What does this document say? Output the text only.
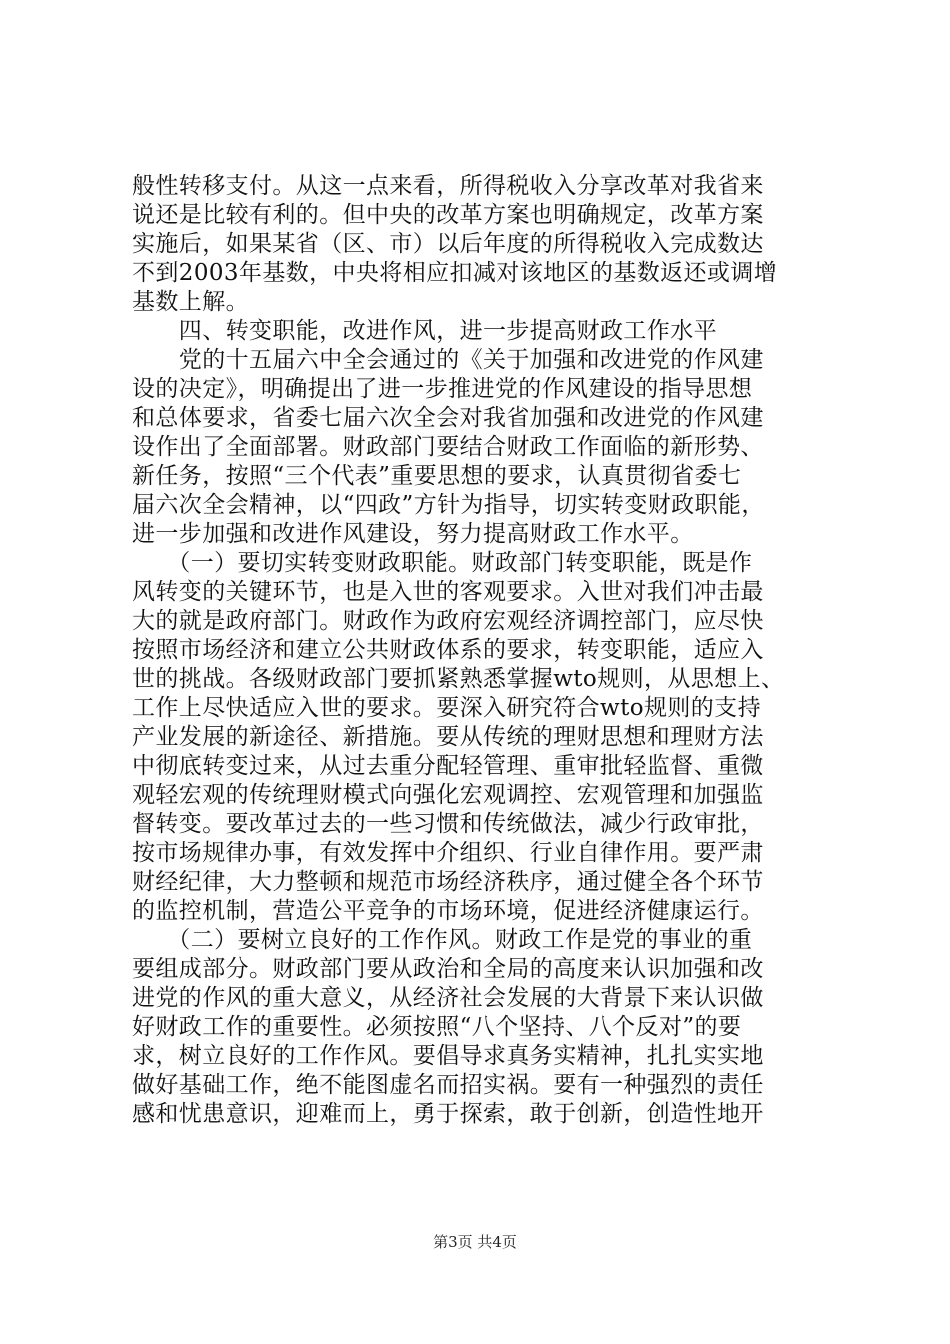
般性转移支付。从这一点来看，所得税收入分享改革对我省来
说还是比较有利的。但中央的改革方案也明确规定，改革方案
实施后，如果某省（区、市）以后年度的所得税收入完成数达
不到2003年基数，中央将相应扣减对该地区的基数返还或调增
基数上解。
　　四、转变职能，改进作风，进一步提高财政工作水平
　　党的十五届六中全会通过的《关于加强和改进党的作风建
设的决定》，明确提出了进一步推进党的作风建设的指导思想
和总体要求，省委七届六次全会对我省加强和改进党的作风建
设作出了全面部署。财政部门要结合财政工作面临的新形势、
新任务，按照“三个代表”重要思想的要求，认真贯彻省委七
届六次全会精神，以“四政”方针为指导，切实转变财政职能，
进一步加强和改进作风建设，努力提高财政工作水平。
　　（一）要切实转变财政职能。财政部门转变职能，既是作
风转变的关键环节，也是入世的客观要求。入世对我们冲击最
大的就是政府部门。财政作为政府宏观经济调控部门，应尽快
按照市场经济和建立公共财政体系的要求，转变职能，适应入
世的挑战。各级财政部门要抓紧熟悉掌握wto规则，从思想上、
工作上尽快适应入世的要求。要深入研究符合wto规则的支持
产业发展的新途径、新措施。要从传统的理财思想和理财方法
中彻底转变过来，从过去重分配轻管理、重审批轻监督、重微
观轻宏观的传统理财模式向强化宏观调控、宏观管理和加强监
督转变。要改革过去的一些习惯和传统做法，减少行政审批，
按市场规律办事，有效发挥中介组织、行业自律作用。要严肃
财经纪律，大力整顿和规范市场经济秩序，通过健全各个环节
的监控机制，营造公平竞争的市场环境，促进经济健康运行。
　　（二）要树立良好的工作作风。财政工作是党的事业的重
要组成部分。财政部门要从政治和全局的高度来认识加强和改
进党的作风的重大意义，从经济社会发展的大背景下来认识做
好财政工作的重要性。必须按照“八个坚持、八个反对”的要
求，树立良好的工作作风。要倡导求真务实精神，扎扎实实地
做好基础工作，绝不能图虚名而招实祸。要有一种强烈的责任
感和忧患意识，迎难而上，勇于探索，敢于创新，创造性地开
第3页 共4页
